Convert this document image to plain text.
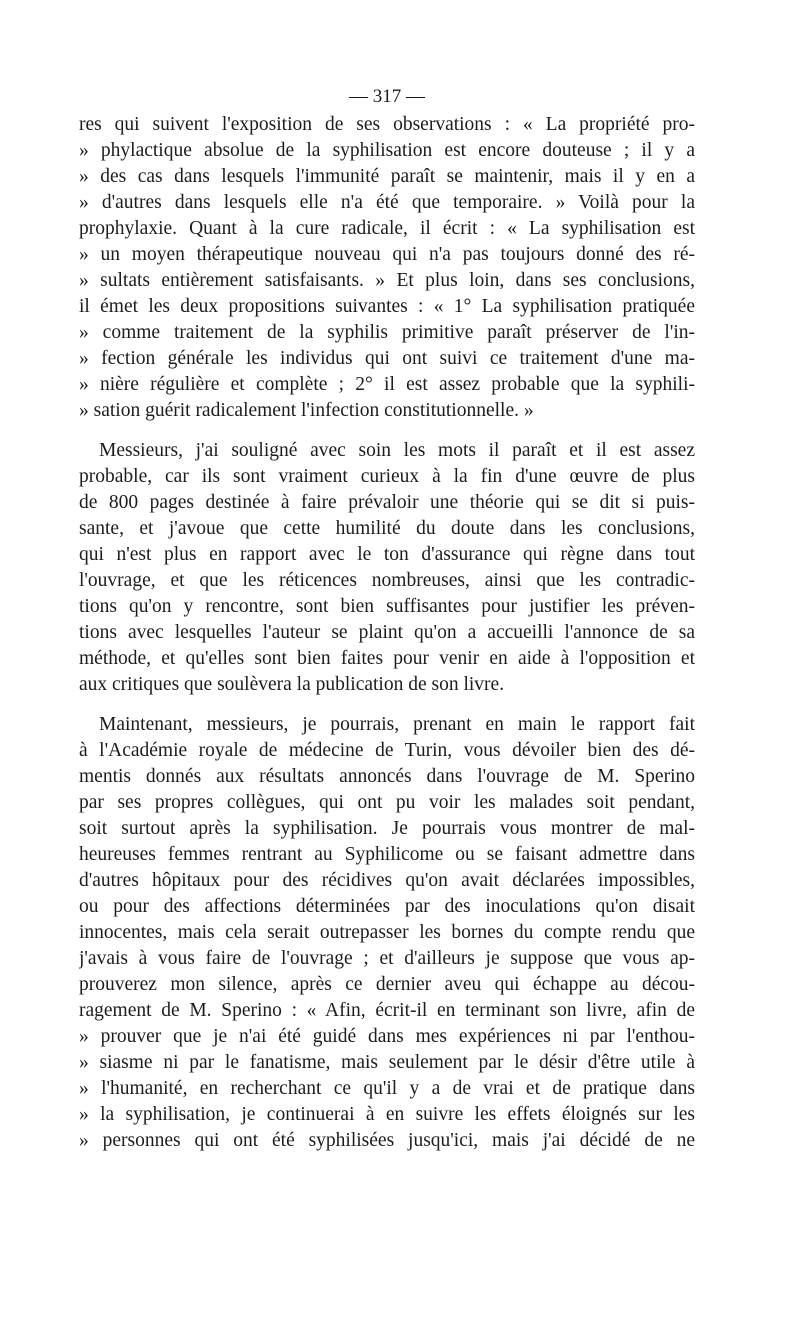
— 317 —
res qui suivent l'exposition de ses observations : « La propriété pro-
» phylactique absolue de la syphilisation est encore douteuse ; il y a
» des cas dans lesquels l'immunité paraît se maintenir, mais il y en a
» d'autres dans lesquels elle n'a été que temporaire. » Voilà pour la
prophylaxie. Quant à la cure radicale, il écrit : « La syphilisation est
» un moyen thérapeutique nouveau qui n'a pas toujours donné des ré-
» sultats entièrement satisfaisants. » Et plus loin, dans ses conclusions,
il émet les deux propositions suivantes : « 1° La syphilisation pratiquée
» comme traitement de la syphilis primitive paraît préserver de l'in-
» fection générale les individus qui ont suivi ce traitement d'une ma-
» nière régulière et complète ; 2° il est assez probable que la syphili-
» sation guérit radicalement l'infection constitutionnelle. »
Messieurs, j'ai souligné avec soin les mots il paraît et il est assez
probable, car ils sont vraiment curieux à la fin d'une œuvre de plus
de 800 pages destinée à faire prévaloir une théorie qui se dit si puis-
sante, et j'avoue que cette humilité du doute dans les conclusions,
qui n'est plus en rapport avec le ton d'assurance qui règne dans tout
l'ouvrage, et que les réticences nombreuses, ainsi que les contradic-
tions qu'on y rencontre, sont bien suffisantes pour justifier les préven-
tions avec lesquelles l'auteur se plaint qu'on a accueilli l'annonce de sa
méthode, et qu'elles sont bien faites pour venir en aide à l'opposition et
aux critiques que soulèvera la publication de son livre.
Maintenant, messieurs, je pourrais, prenant en main le rapport fait
à l'Académie royale de médecine de Turin, vous dévoiler bien des dé-
mentis donnés aux résultats annoncés dans l'ouvrage de M. Sperino
par ses propres collègues, qui ont pu voir les malades soit pendant,
soit surtout après la syphilisation. Je pourrais vous montrer de mal-
heureuses femmes rentrant au Syphilicome ou se faisant admettre dans
d'autres hôpitaux pour des récidives qu'on avait déclarées impossibles,
ou pour des affections déterminées par des inoculations qu'on disait
innocentes, mais cela serait outrepasser les bornes du compte rendu que
j'avais à vous faire de l'ouvrage ; et d'ailleurs je suppose que vous ap-
prouverez mon silence, après ce dernier aveu qui échappe au décou-
ragement de M. Sperino : « Afin, écrit-il en terminant son livre, afin de
» prouver que je n'ai été guidé dans mes expériences ni par l'enthou-
» siasme ni par le fanatisme, mais seulement par le désir d'être utile à
» l'humanité, en recherchant ce qu'il y a de vrai et de pratique dans
» la syphilisation, je continuerai à en suivre les effets éloignés sur les
» personnes qui ont été syphilisées jusqu'ici, mais j'ai décidé de ne
